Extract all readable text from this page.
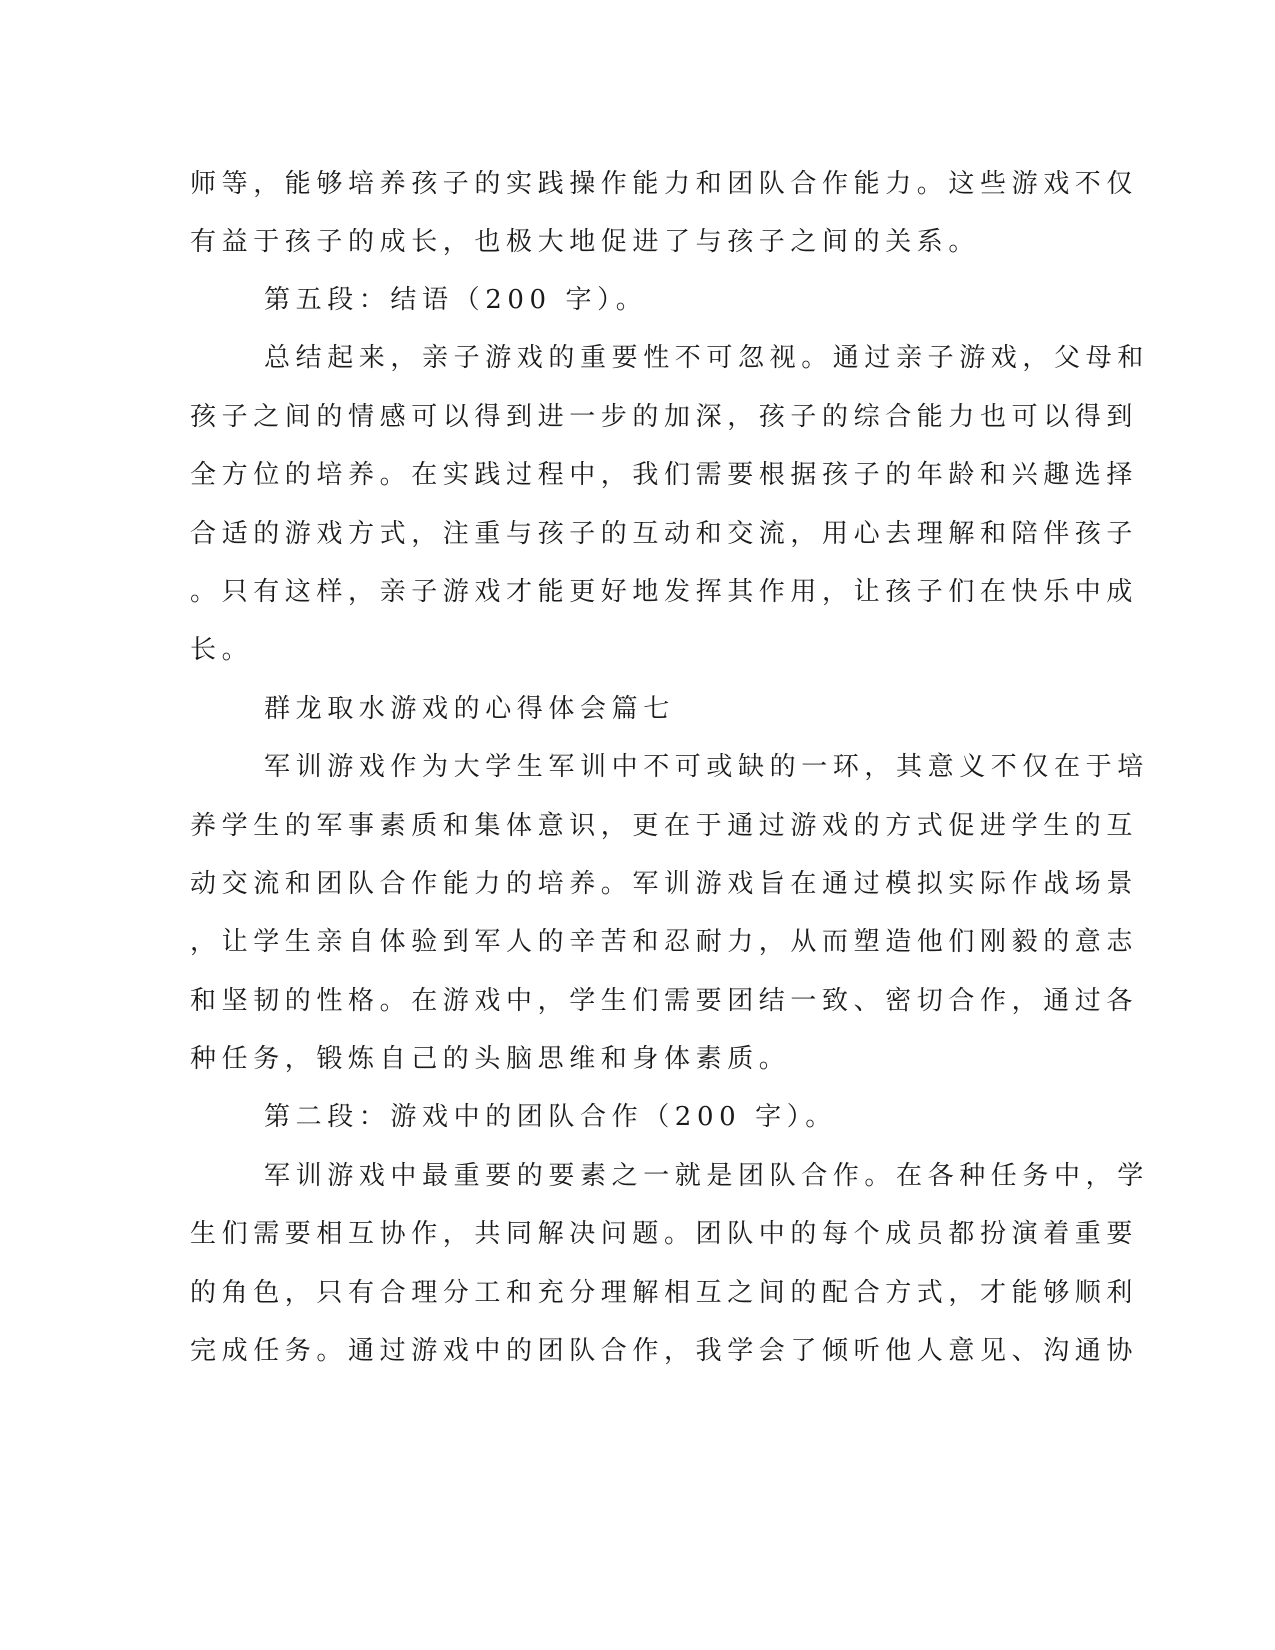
师等，能够培养孩子的实践操作能力和团队合作能力。这些游戏不仅
有益于孩子的成长，也极大地促进了与孩子之间的关系。
第五段：结语（200 字）。
总结起来，亲子游戏的重要性不可忽视。通过亲子游戏，父母和
孩子之间的情感可以得到进一步的加深，孩子的综合能力也可以得到
全方位的培养。在实践过程中，我们需要根据孩子的年龄和兴趣选择
合适的游戏方式，注重与孩子的互动和交流，用心去理解和陪伴孩子
。只有这样，亲子游戏才能更好地发挥其作用，让孩子们在快乐中成
长。
群龙取水游戏的心得体会篇七
军训游戏作为大学生军训中不可或缺的一环，其意义不仅在于培
养学生的军事素质和集体意识，更在于通过游戏的方式促进学生的互
动交流和团队合作能力的培养。军训游戏旨在通过模拟实际作战场景
，让学生亲自体验到军人的辛苦和忍耐力，从而塑造他们刚毅的意志
和坚韧的性格。在游戏中，学生们需要团结一致、密切合作，通过各
种任务，锻炼自己的头脑思维和身体素质。
第二段：游戏中的团队合作（200 字）。
军训游戏中最重要的要素之一就是团队合作。在各种任务中，学
生们需要相互协作，共同解决问题。团队中的每个成员都扮演着重要
的角色，只有合理分工和充分理解相互之间的配合方式，才能够顺利
完成任务。通过游戏中的团队合作，我学会了倾听他人意见、沟通协
